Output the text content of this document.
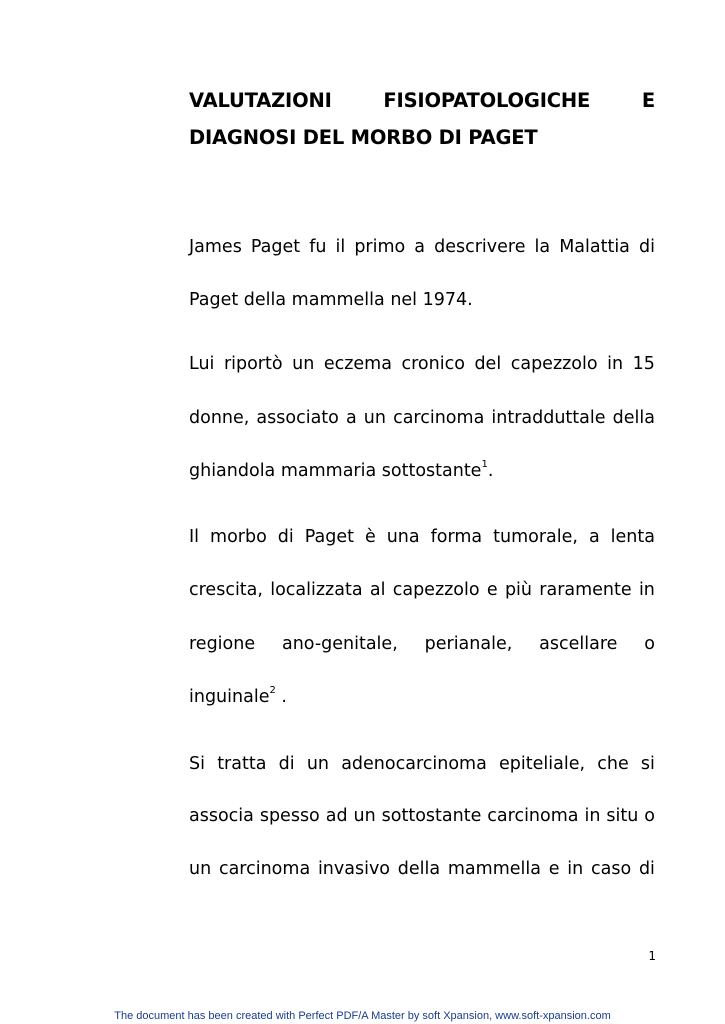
VALUTAZIONI	FISIOPATOLOGICHE	E
DIAGNOSI DEL MORBO DI PAGET
James Paget fu il primo a descrivere la Malattia di
Paget della mammella nel 1974.
Lui riportò un eczema cronico del capezzolo in 15
donne, associato a un carcinoma intradduttale della
ghiandola mammaria sottostante$^1$.
Il morbo di Paget è una forma tumorale, a lenta
crescita, localizzata al capezzolo e più raramente in
regione ano-genitale, perianale, ascellare o
inguinale$^2$ .
Si tratta di un adenocarcinoma epiteliale, che si
associa spesso ad un sottostante carcinoma in situ o
un carcinoma invasivo della mammella e in caso di
1
The document has been created with Perfect PDF/A Master by soft Xpansion, www.soft-xpansion.com
